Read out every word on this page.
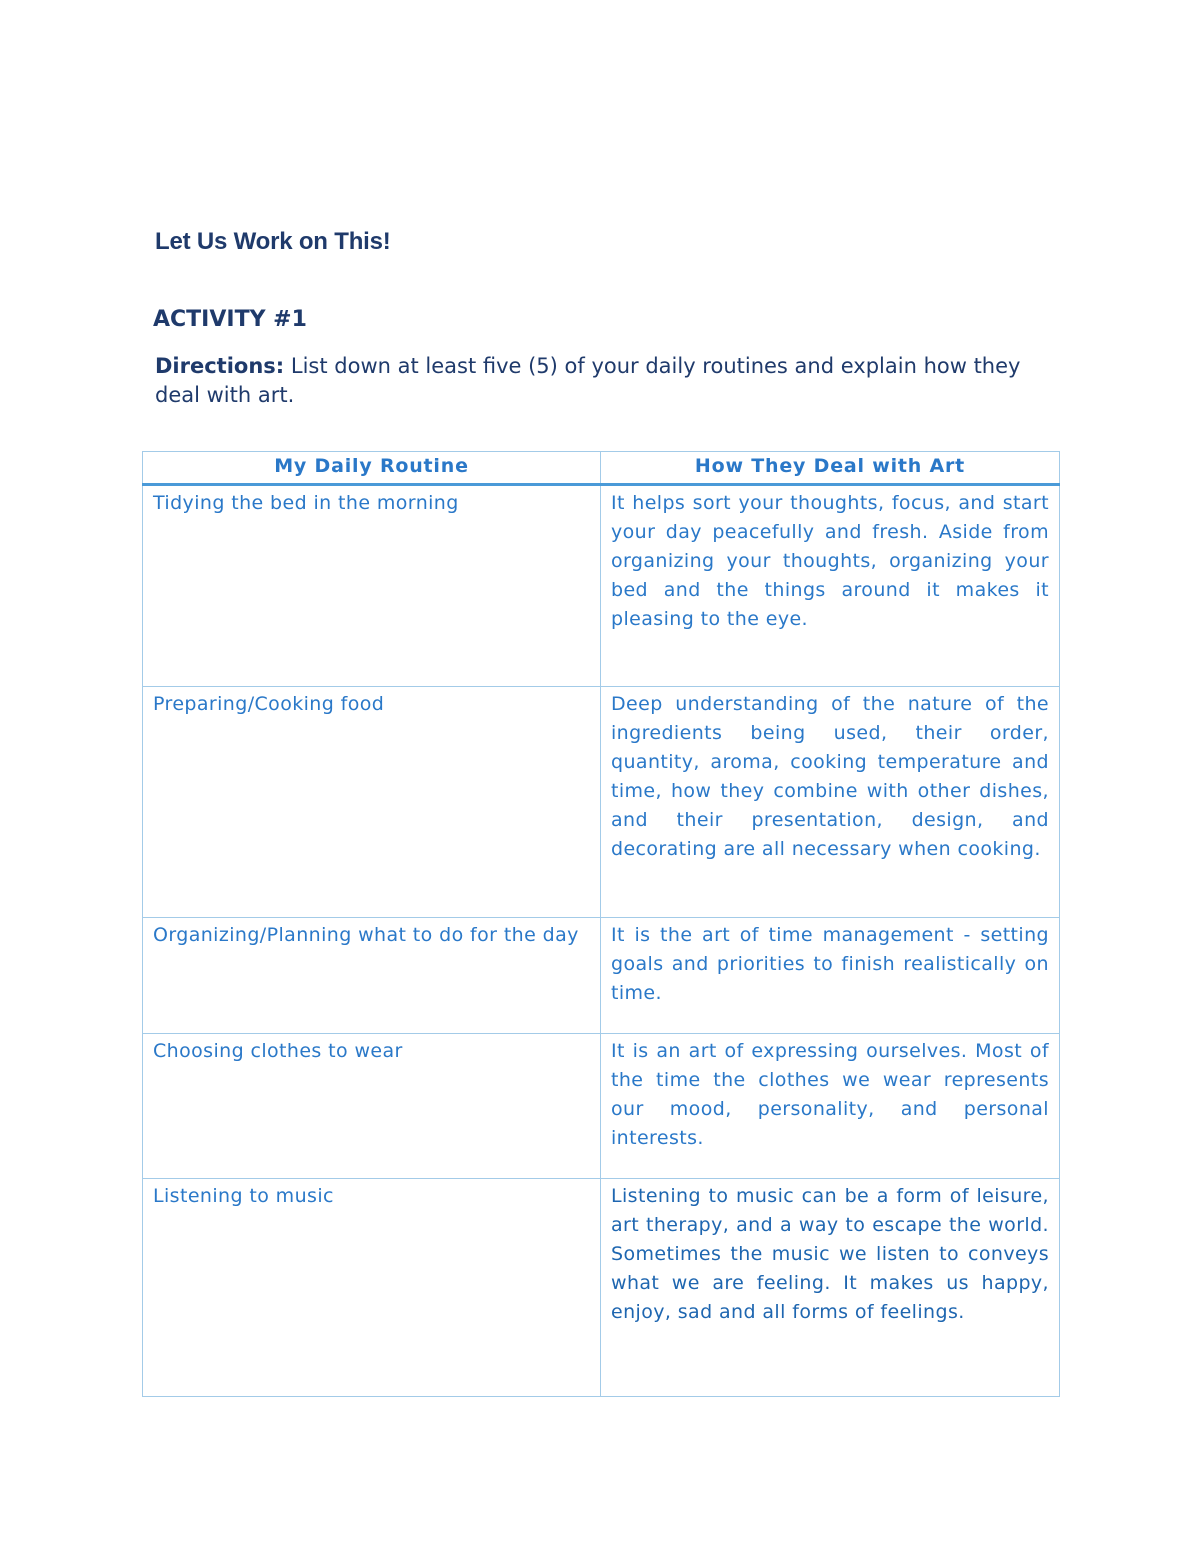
Let Us Work on This!
ACTIVITY #1
Directions: List down at least five (5) of your daily routines and explain how they deal with art.
My Daily Routine	How They Deal with Art
Tidying the bed in the morning	It helps sort your thoughts, focus, and start your day peacefully and fresh. Aside from organizing your thoughts, organizing your bed and the things around it makes it pleasing to the eye.
Preparing/Cooking food	Deep understanding of the nature of the ingredients being used, their order, quantity, aroma, cooking temperature and time, how they combine with other dishes, and their presentation, design, and decorating are all necessary when cooking.
Organizing/Planning what to do for the day	It is the art of time management - setting goals and priorities to finish realistically on time.
Choosing clothes to wear	It is an art of expressing ourselves. Most of the time the clothes we wear represents our mood, personality, and personal interests.
Listening to music	Listening to music can be a form of leisure, art therapy, and a way to escape the world. Sometimes the music we listen to conveys what we are feeling. It makes us happy, enjoy, sad and all forms of feelings.
